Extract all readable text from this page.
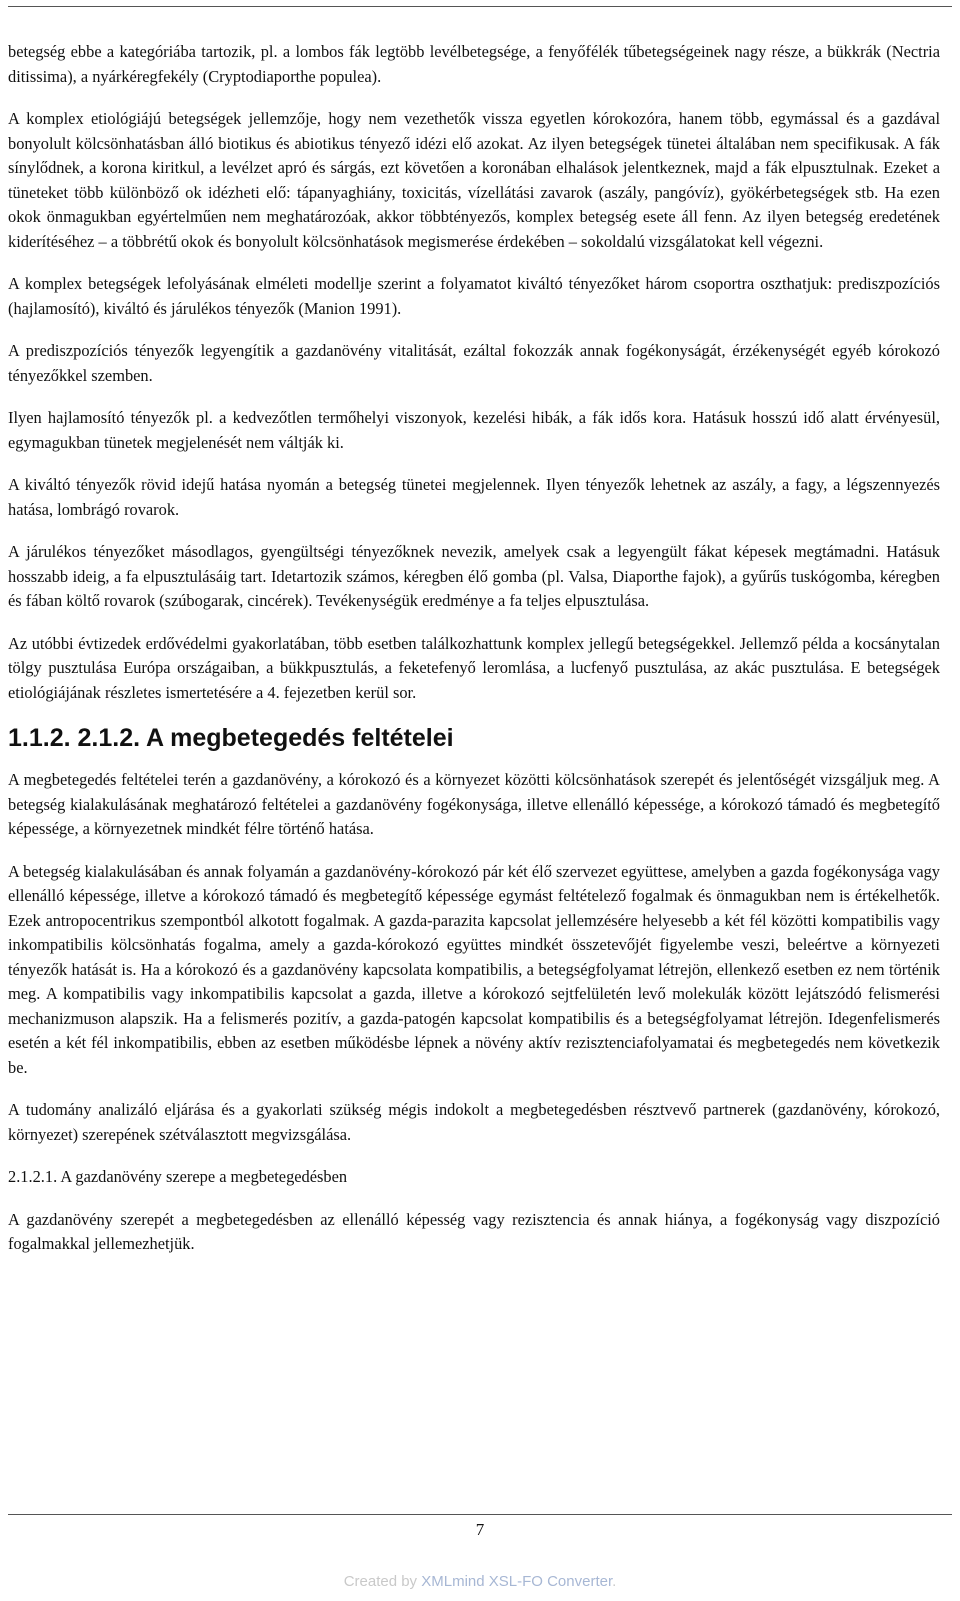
betegség ebbe a kategóriába tartozik, pl. a lombos fák legtöbb levélbetegsége, a fenyőfélék tűbetegségeinek nagy része, a bükkrák (Nectria ditissima), a nyárkéregfekély (Cryptodiaporthe populea).

A komplex etiológiájú betegségek jellemzője, hogy nem vezethetők vissza egyetlen kórokozóra, hanem több, egymással és a gazdával bonyolult kölcsönhatásban álló biotikus és abiotikus tényező idézi elő azokat. Az ilyen betegségek tünetei általában nem specifikusak. A fák sínylődnek, a korona kiritkul, a levélzet apró és sárgás, ezt követően a koronában elhalások jelentkeznek, majd a fák elpusztulnak. Ezeket a tüneteket több különböző ok idézheti elő: tápanyaghiány, toxicitás, vízellátási zavarok (aszály, pangóvíz), gyökérbetegségek stb. Ha ezen okok önmagukban egyértelműen nem meghatározóak, akkor többtényezős, komplex betegség esete áll fenn. Az ilyen betegség eredetének kiderítéséhez – a többrétű okok és bonyolult kölcsönhatások megismerése érdekében – sokoldalú vizsgálatokat kell végezni.

A komplex betegségek lefolyásának elméleti modellje szerint a folyamatot kiváltó tényezőket három csoportra oszthatjuk: prediszpozíciós (hajlamosító), kiváltó és járulékos tényezők (Manion 1991).

A prediszpozíciós tényezők legyengítik a gazdanövény vitalitását, ezáltal fokozzák annak fogékonyságát, érzékenységét egyéb kórokozó tényezőkkel szemben.

Ilyen hajlamosító tényezők pl. a kedvezőtlen termőhelyi viszonyok, kezelési hibák, a fák idős kora. Hatásuk hosszú idő alatt érvényesül, egymagukban tünetek megjelenését nem váltják ki.

A kiváltó tényezők rövid idejű hatása nyomán a betegség tünetei megjelennek. Ilyen tényezők lehetnek az aszály, a fagy, a légszennyezés hatása, lombrágó rovarok.

A járulékos tényezőket másodlagos, gyengültségi tényezőknek nevezik, amelyek csak a legyengült fákat képesek megtámadni. Hatásuk hosszabb ideig, a fa elpusztulásáig tart. Idetartozik számos, kéregben élő gomba (pl. Valsa, Diaporthe fajok), a gyűrűs tuskógomba, kéregben és fában költő rovarok (szúbogarak, cincérek). Tevékenységük eredménye a fa teljes elpusztulása.

Az utóbbi évtizedek erdővédelmi gyakorlatában, több esetben találkozhattunk komplex jellegű betegségekkel. Jellemző példa a kocsánytalan tölgy pusztulása Európa országaiban, a bükkpusztulás, a feketefenyő leromlása, a lucfenyő pusztulása, az akác pusztulása. E betegségek etiológiájának részletes ismertetésére a 4. fejezetben kerül sor.

1.1.2. 2.1.2. A megbetegedés feltételei

A megbetegedés feltételei terén a gazdanövény, a kórokozó és a környezet közötti kölcsönhatások szerepét és jelentőségét vizsgáljuk meg. A betegség kialakulásának meghatározó feltételei a gazdanövény fogékonysága, illetve ellenálló képessége, a kórokozó támadó és megbetegítő képessége, a környezetnek mindkét félre történő hatása.

A betegség kialakulásában és annak folyamán a gazdanövény-kórokozó pár két élő szervezet együttese, amelyben a gazda fogékonysága vagy ellenálló képessége, illetve a kórokozó támadó és megbetegítő képessége egymást feltételező fogalmak és önmagukban nem is értékelhetők. Ezek antropocentrikus szempontból alkotott fogalmak. A gazda-parazita kapcsolat jellemzésére helyesebb a két fél közötti kompatibilis vagy inkompatibilis kölcsönhatás fogalma, amely a gazda-kórokozó együttes mindkét összetevőjét figyelembe veszi, beleértve a környezeti tényezők hatását is. Ha a kórokozó és a gazdanövény kapcsolata kompatibilis, a betegségfolyamat létrejön, ellenkező esetben ez nem történik meg. A kompatibilis vagy inkompatibilis kapcsolat a gazda, illetve a kórokozó sejtfelületén levő molekulák között lejátszódó felismerési mechanizmuson alapszik. Ha a felismerés pozitív, a gazda-patogén kapcsolat kompatibilis és a betegségfolyamat létrejön. Idegenfelismerés esetén a két fél inkompatibilis, ebben az esetben működésbe lépnek a növény aktív rezisztenciafolyamatai és megbetegedés nem következik be.

A tudomány analizáló eljárása és a gyakorlati szükség mégis indokolt a megbetegedésben résztvevő partnerek (gazdanövény, kórokozó, környezet) szerepének szétválasztott megvizsgálása.

2.1.2.1. A gazdanövény szerepe a megbetegedésben

A gazdanövény szerepét a megbetegedésben az ellenálló képesség vagy rezisztencia és annak hiánya, a fogékonyság vagy diszpozíció fogalmakkal jellemezhetjük.

7
Created by XMLmind XSL-FO Converter.
